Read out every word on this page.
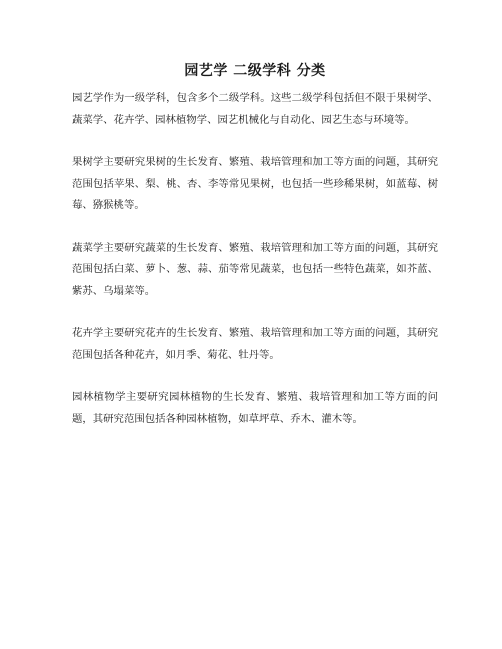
园艺学 二级学科 分类

园艺学作为一级学科，包含多个二级学科。这些二级学科包括但不限于果树学、蔬菜学、花卉学、园林植物学、园艺机械化与自动化、园艺生态与环境等。

果树学主要研究果树的生长发育、繁殖、栽培管理和加工等方面的问题，其研究范围包括苹果、梨、桃、杏、李等常见果树，也包括一些珍稀果树，如蓝莓、树莓、猕猴桃等。

蔬菜学主要研究蔬菜的生长发育、繁殖、栽培管理和加工等方面的问题，其研究范围包括白菜、萝卜、葱、蒜、茄等常见蔬菜，也包括一些特色蔬菜，如芥蓝、紫苏、乌塌菜等。

花卉学主要研究花卉的生长发育、繁殖、栽培管理和加工等方面的问题，其研究范围包括各种花卉，如月季、菊花、牡丹等。

园林植物学主要研究园林植物的生长发育、繁殖、栽培管理和加工等方面的问题，其研究范围包括各种园林植物，如草坪草、乔木、灌木等。
